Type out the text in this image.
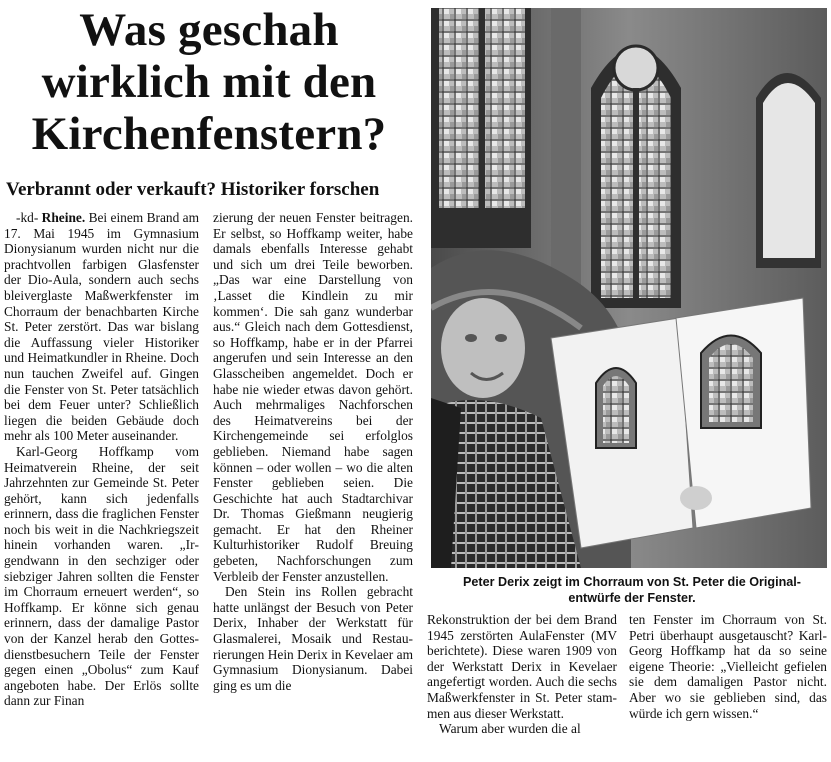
Was geschah
wirklich mit den
Kirchenfenstern?
Verbrannt oder verkauft? Historiker forschen

-kd- Rheine. Bei einem Brand am 17. Mai 1945 im Gymnasium Dionysianum wurden nicht nur die prachtvollen farbigen Glasfenster der Dio-Aula, sondern auch sechs bleiverglaste Maßwerkfenster im Chorraum der benachbarten Kirche St. Peter zerstört. Das war bislang die Auffassung vieler Historiker und Heimatkundler in Rheine. Doch nun tauchen Zweifel auf. Gingen die Fenster von St. Peter tatsächlich bei dem Feuer unter? Schließlich liegen die beiden Gebäude doch mehr als 100 Meter auseinander.

Karl-Georg Hoffkamp vom Heimatverein Rheine, der seit Jahrzehnten zur Gemeinde St. Peter gehört, kann sich jedenfalls erinnern, dass die fraglichen Fenster noch bis weit in die Nachkriegszeit hinein vorhanden waren. „Irgendwann in den sechziger oder siebziger Jahren sollten die Fenster im Chorraum erneuert werden“, so Hoffkamp. Er könne sich genau erinnern, dass der damalige Pastor von der Kanzel herab den Gottesdienstbesuchern Teile der Fenster gegen einen „Obolus“ zum Kauf angeboten habe. Der Erlös sollte dann zur Finan

zierung der neuen Fenster beitragen. Er selbst, so Hoffkamp weiter, habe damals ebenfalls Interesse gehabt und sich um drei Teile beworben. „Das war eine Darstellung von ‚Lasset die Kindlein zu mir kommen‘. Die sah ganz wunderbar aus.“ Gleich nach dem Gottesdienst, so Hoffkamp, habe er in der Pfarrei angerufen und sein Interesse an den Glasscheiben angemeldet. Doch er habe nie wieder etwas davon gehört. Auch mehrmaliges Nachforschen des Heimatvereins bei der Kirchengemeinde sei erfolglos geblieben. Niemand habe sagen können – oder wollen – wo die alten Fenster geblieben seien. Die Geschichte hat auch Stadtarchivar Dr. Thomas Gießmann neugierig gemacht. Er hat den Rheiner Kulturhistoriker Rudolf Breuing gebeten, Nachforschungen zum Verbleib der Fenster anzustellen.

Den Stein ins Rollen gebracht hatte unlängst der Besuch von Peter Derix, Inhaber der Werkstatt für Glasmalerei, Mosaik und Restaurierungen Hein Derix in Kevelaer am Gymnasium Dionysianum. Dabei ging es um die

Peter Derix zeigt im Chorraum von St. Peter die Original-
entwürfe der Fenster.

Rekonstruktion der bei dem Brand 1945 zerstörten AulaFenster (MV berichtete). Diese waren 1909 von der Werkstatt Derix in Kevelaer angefertigt worden. Auch die sechs Maßwerkfenster in St. Peter stammen aus dieser Werkstatt.

Warum aber wurden die al

ten Fenster im Chorraum von St. Petri überhaupt ausgetauscht? Karl-Georg Hoffkamp hat da so seine eigene Theorie: „Vielleicht gefielen sie dem damaligen Pastor nicht. Aber wo sie geblieben sind, das würde ich gern wissen.“
